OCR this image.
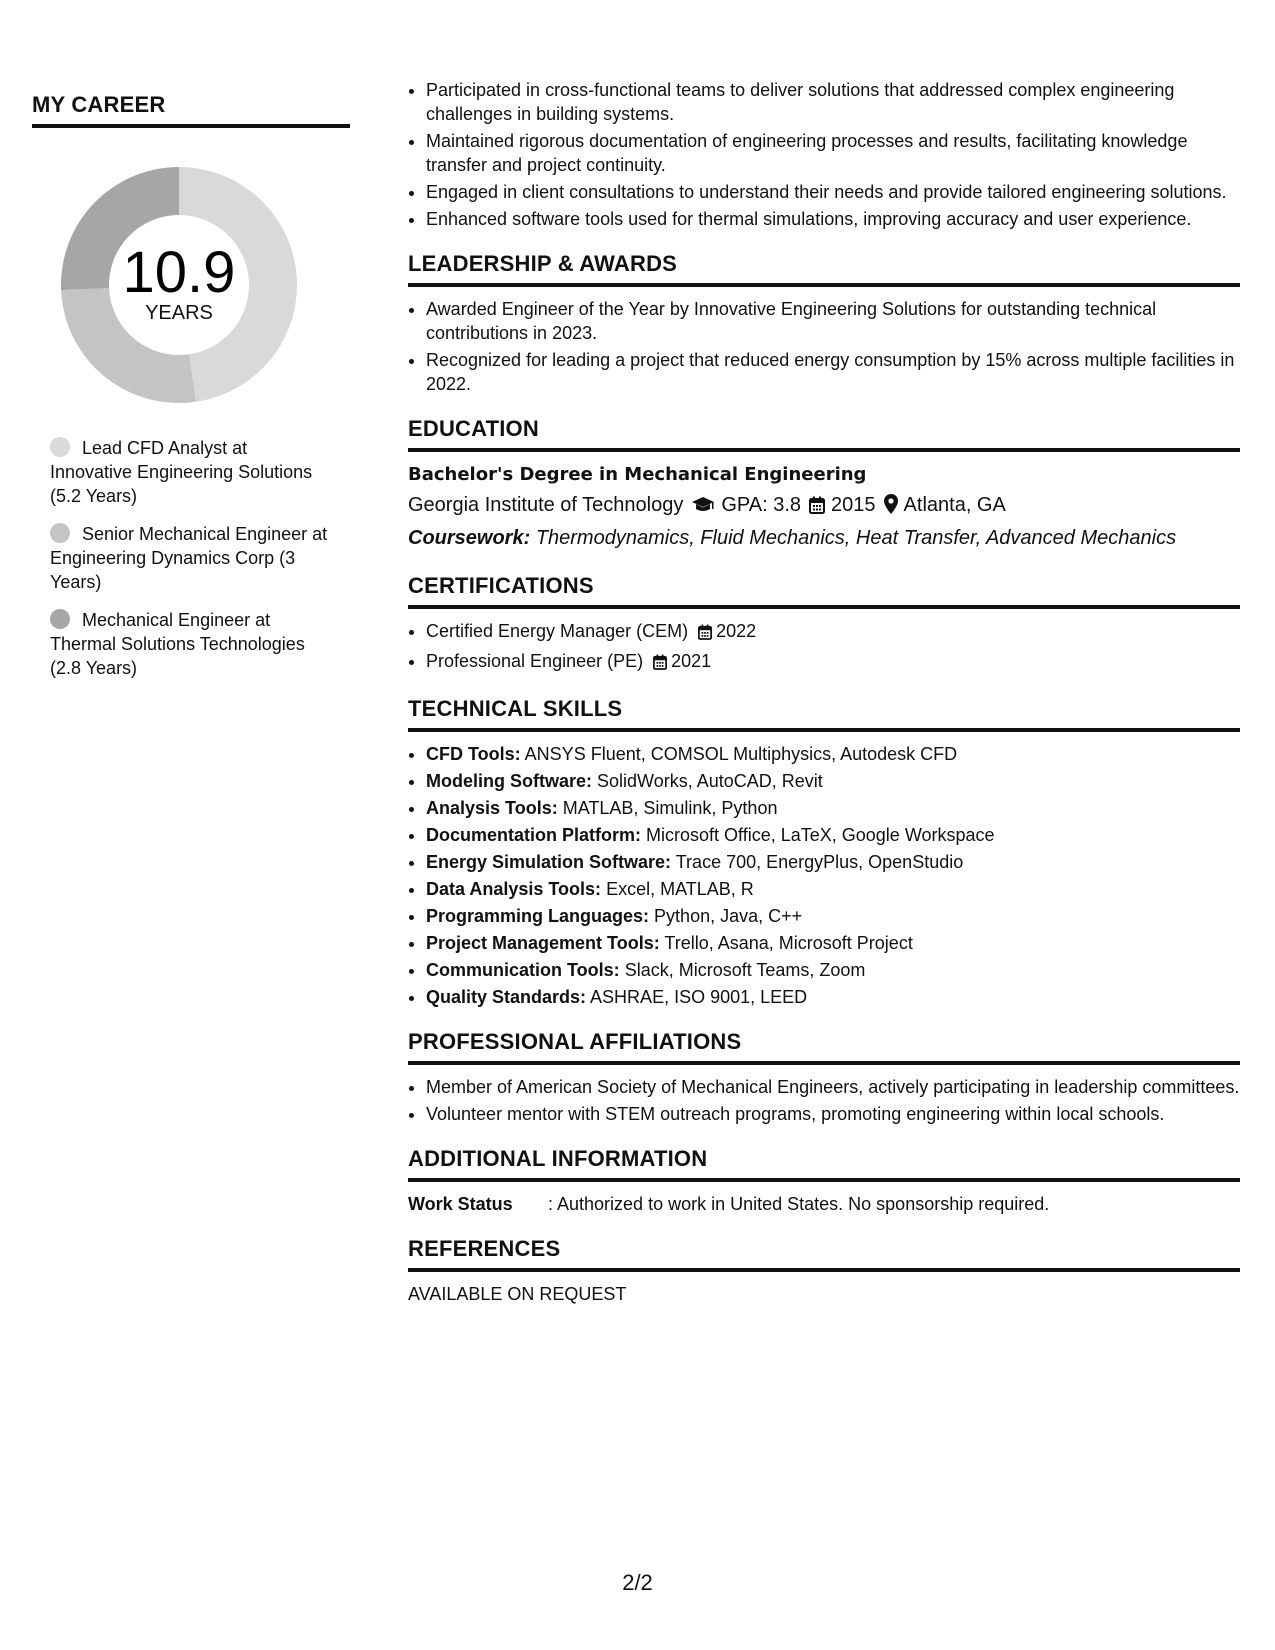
MY CAREER
10.9
YEARS
Lead CFD Analyst at Innovative Engineering Solutions (5.2 Years)
Senior Mechanical Engineer at Engineering Dynamics Corp (3 Years)
Mechanical Engineer at Thermal Solutions Technologies (2.8 Years)
• Participated in cross-functional teams to deliver solutions that addressed complex engineering challenges in building systems.
• Maintained rigorous documentation of engineering processes and results, facilitating knowledge transfer and project continuity.
• Engaged in client consultations to understand their needs and provide tailored engineering solutions.
• Enhanced software tools used for thermal simulations, improving accuracy and user experience.
LEADERSHIP & AWARDS
• Awarded Engineer of the Year by Innovative Engineering Solutions for outstanding technical contributions in 2023.
• Recognized for leading a project that reduced energy consumption by 15% across multiple facilities in 2022.
EDUCATION
Bachelor's Degree in Mechanical Engineering
Georgia Institute of Technology GPA: 3.8 2015 Atlanta, GA
Coursework: Thermodynamics, Fluid Mechanics, Heat Transfer, Advanced Mechanics
CERTIFICATIONS
• Certified Energy Manager (CEM) 2022
• Professional Engineer (PE) 2021
TECHNICAL SKILLS
• CFD Tools: ANSYS Fluent, COMSOL Multiphysics, Autodesk CFD
• Modeling Software: SolidWorks, AutoCAD, Revit
• Analysis Tools: MATLAB, Simulink, Python
• Documentation Platform: Microsoft Office, LaTeX, Google Workspace
• Energy Simulation Software: Trace 700, EnergyPlus, OpenStudio
• Data Analysis Tools: Excel, MATLAB, R
• Programming Languages: Python, Java, C++
• Project Management Tools: Trello, Asana, Microsoft Project
• Communication Tools: Slack, Microsoft Teams, Zoom
• Quality Standards: ASHRAE, ISO 9001, LEED
PROFESSIONAL AFFILIATIONS
• Member of American Society of Mechanical Engineers, actively participating in leadership committees.
• Volunteer mentor with STEM outreach programs, promoting engineering within local schools.
ADDITIONAL INFORMATION
Work Status : Authorized to work in United States. No sponsorship required.
REFERENCES
AVAILABLE ON REQUEST
2/2
